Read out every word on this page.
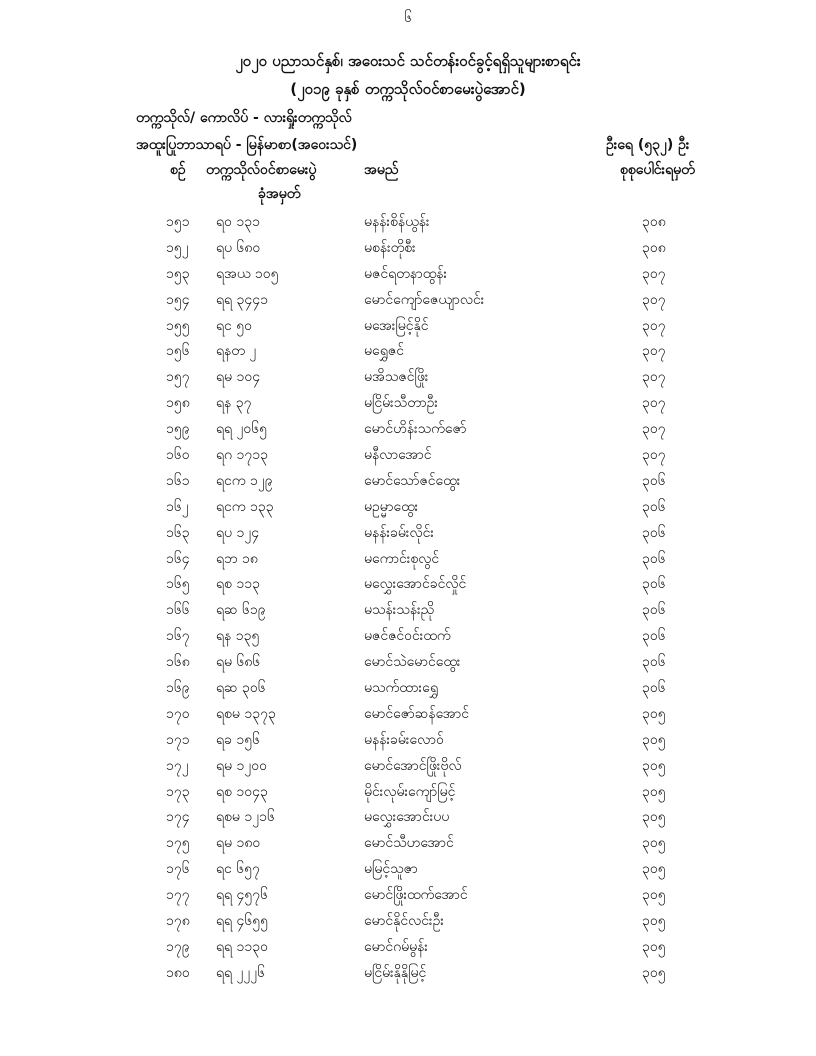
၆
၂၀၂၀ ပညာသင်နှစ်၊ အဝေးသင် သင်တန်းဝင်ခွင့်ရရှိသူများစာရင်း
(၂၀၁၉ ခုနှစ် တက္ကသိုလ်ဝင်စာမေးပွဲအောင်)
တက္ကသိုလ်/ ကောလိပ် - လားရှိုးတက္ကသိုလ်
အထူးပြုဘာသာရပ် - မြန်မာစာ(အဝေးသင်)	ဦးရေ (၅၃၂) ဦး
စဉ် တက္ကသိုလ်ဝင်စာမေးပွဲ
ခုံအမှတ်
အမည်	စုစုပေါင်းရမှတ်
၁၅၁ ရဝ ၁၃၁	မနန်းစိန်ယွန်း	၃၀၈
၁၅၂ ရပ ၆၈၀	မစန်းတိုစီး	၃၀၈
၁၅၃ ရအယ ၁၀၅	မဇင်ရတနာထွန်း	၃၀၇
၁၅၄ ရရ ၃၄၄၁	မောင်ကျော်ဇေယျာလင်း	၃၀၇
၁၅၅ ရင ၅၀	မအေးမြင့်နိုင်	၃၀၇
၁၅၆ ရနတ ၂	မရွှေဇင်	၃၀၇
၁၅၇ ရမ ၁၀၄	မအိသဇင်ဖြိုး	၃၀၇
၁၅၈ ရန ၃၇	မငြိမ်းသီတာဦး	၃၀၇
၁၅၉ ရရ ၂၀၆၅	မောင်ဟိန်းသက်ဇော်	၃၀၇
၁၆၀ ရဂ ၁၇၁၃	မနီလာအောင်	၃၀၇
၁၆၁ ရငက ၁၂၉	မောင်သော်ဇင်ထွေး	၃၀၆
၁၆၂ ရငက ၁၃၃	မဥမ္မာထွေး	၃၀၆
၁၆၃ ရပ ၁၂၄	မနန်းခမ်းလိုင်း	၃၀၆
၁၆၄ ရဘ ၁၈	မကောင်းစုလွင်	၃၀၆
၁၆၅ ရစ ၁၁၃	မလွှေးအောင်ခင်လှိုင်	၃၀၆
၁၆၆ ရဆ ၆၁၉	မသန်းသန်းညို	၃၀၆
၁၆၇ ရန ၁၃၅	မဇင်ဇင်ဝင်းထက်	၃၀၆
၁၆၈ ရမ ၆၈၆	မောင်သဲမောင်ထွေး	၃၀၆
၁၆၉ ရဆ ၃၀၆	မသက်ထားရွှေ	၃၀၆
၁၇၀ ရစမ ၁၃၇၃	မောင်ဇော်ဆန်အောင်	၃၀၅
၁၇၁ ရခ ၁၅၆	မနန်းခမ်းလောဝ်	၃၀၅
၁၇၂ ရမ ၁၂၀၀	မောင်အောင်ဖြိုးဗိုလ်	၃၀၅
၁၇၃ ရစ ၁၀၄၃	မိုင်းလုမ်းကျော်မြင့်	၃၀၅
၁၇၄ ရစမ ၁၂၁၆	မလွှေးအောင်းပပ	၃၀၅
၁၇၅ ရမ ၁၈၀	မောင်သီဟအောင်	၃၀၅
၁၇၆ ရင ၆၅၇	မမြင့်သူဇာ	၃၀၅
၁၇၇ ရရ ၄၅၇၆	မောင်ဖြိုးထက်အောင်	၃၀၅
၁၇၈ ရရ ၄၆၅၅	မောင်နိုင်လင်းဦး	၃၀၅
၁၇၉ ရရ ၁၁၃၀	မောင်ဂမ်မွန်း	၃၀၅
၁၈၀ ရရ ၂၂၂၆	မငြိမ်းနိုနိုမြင့်	၃၀၅
